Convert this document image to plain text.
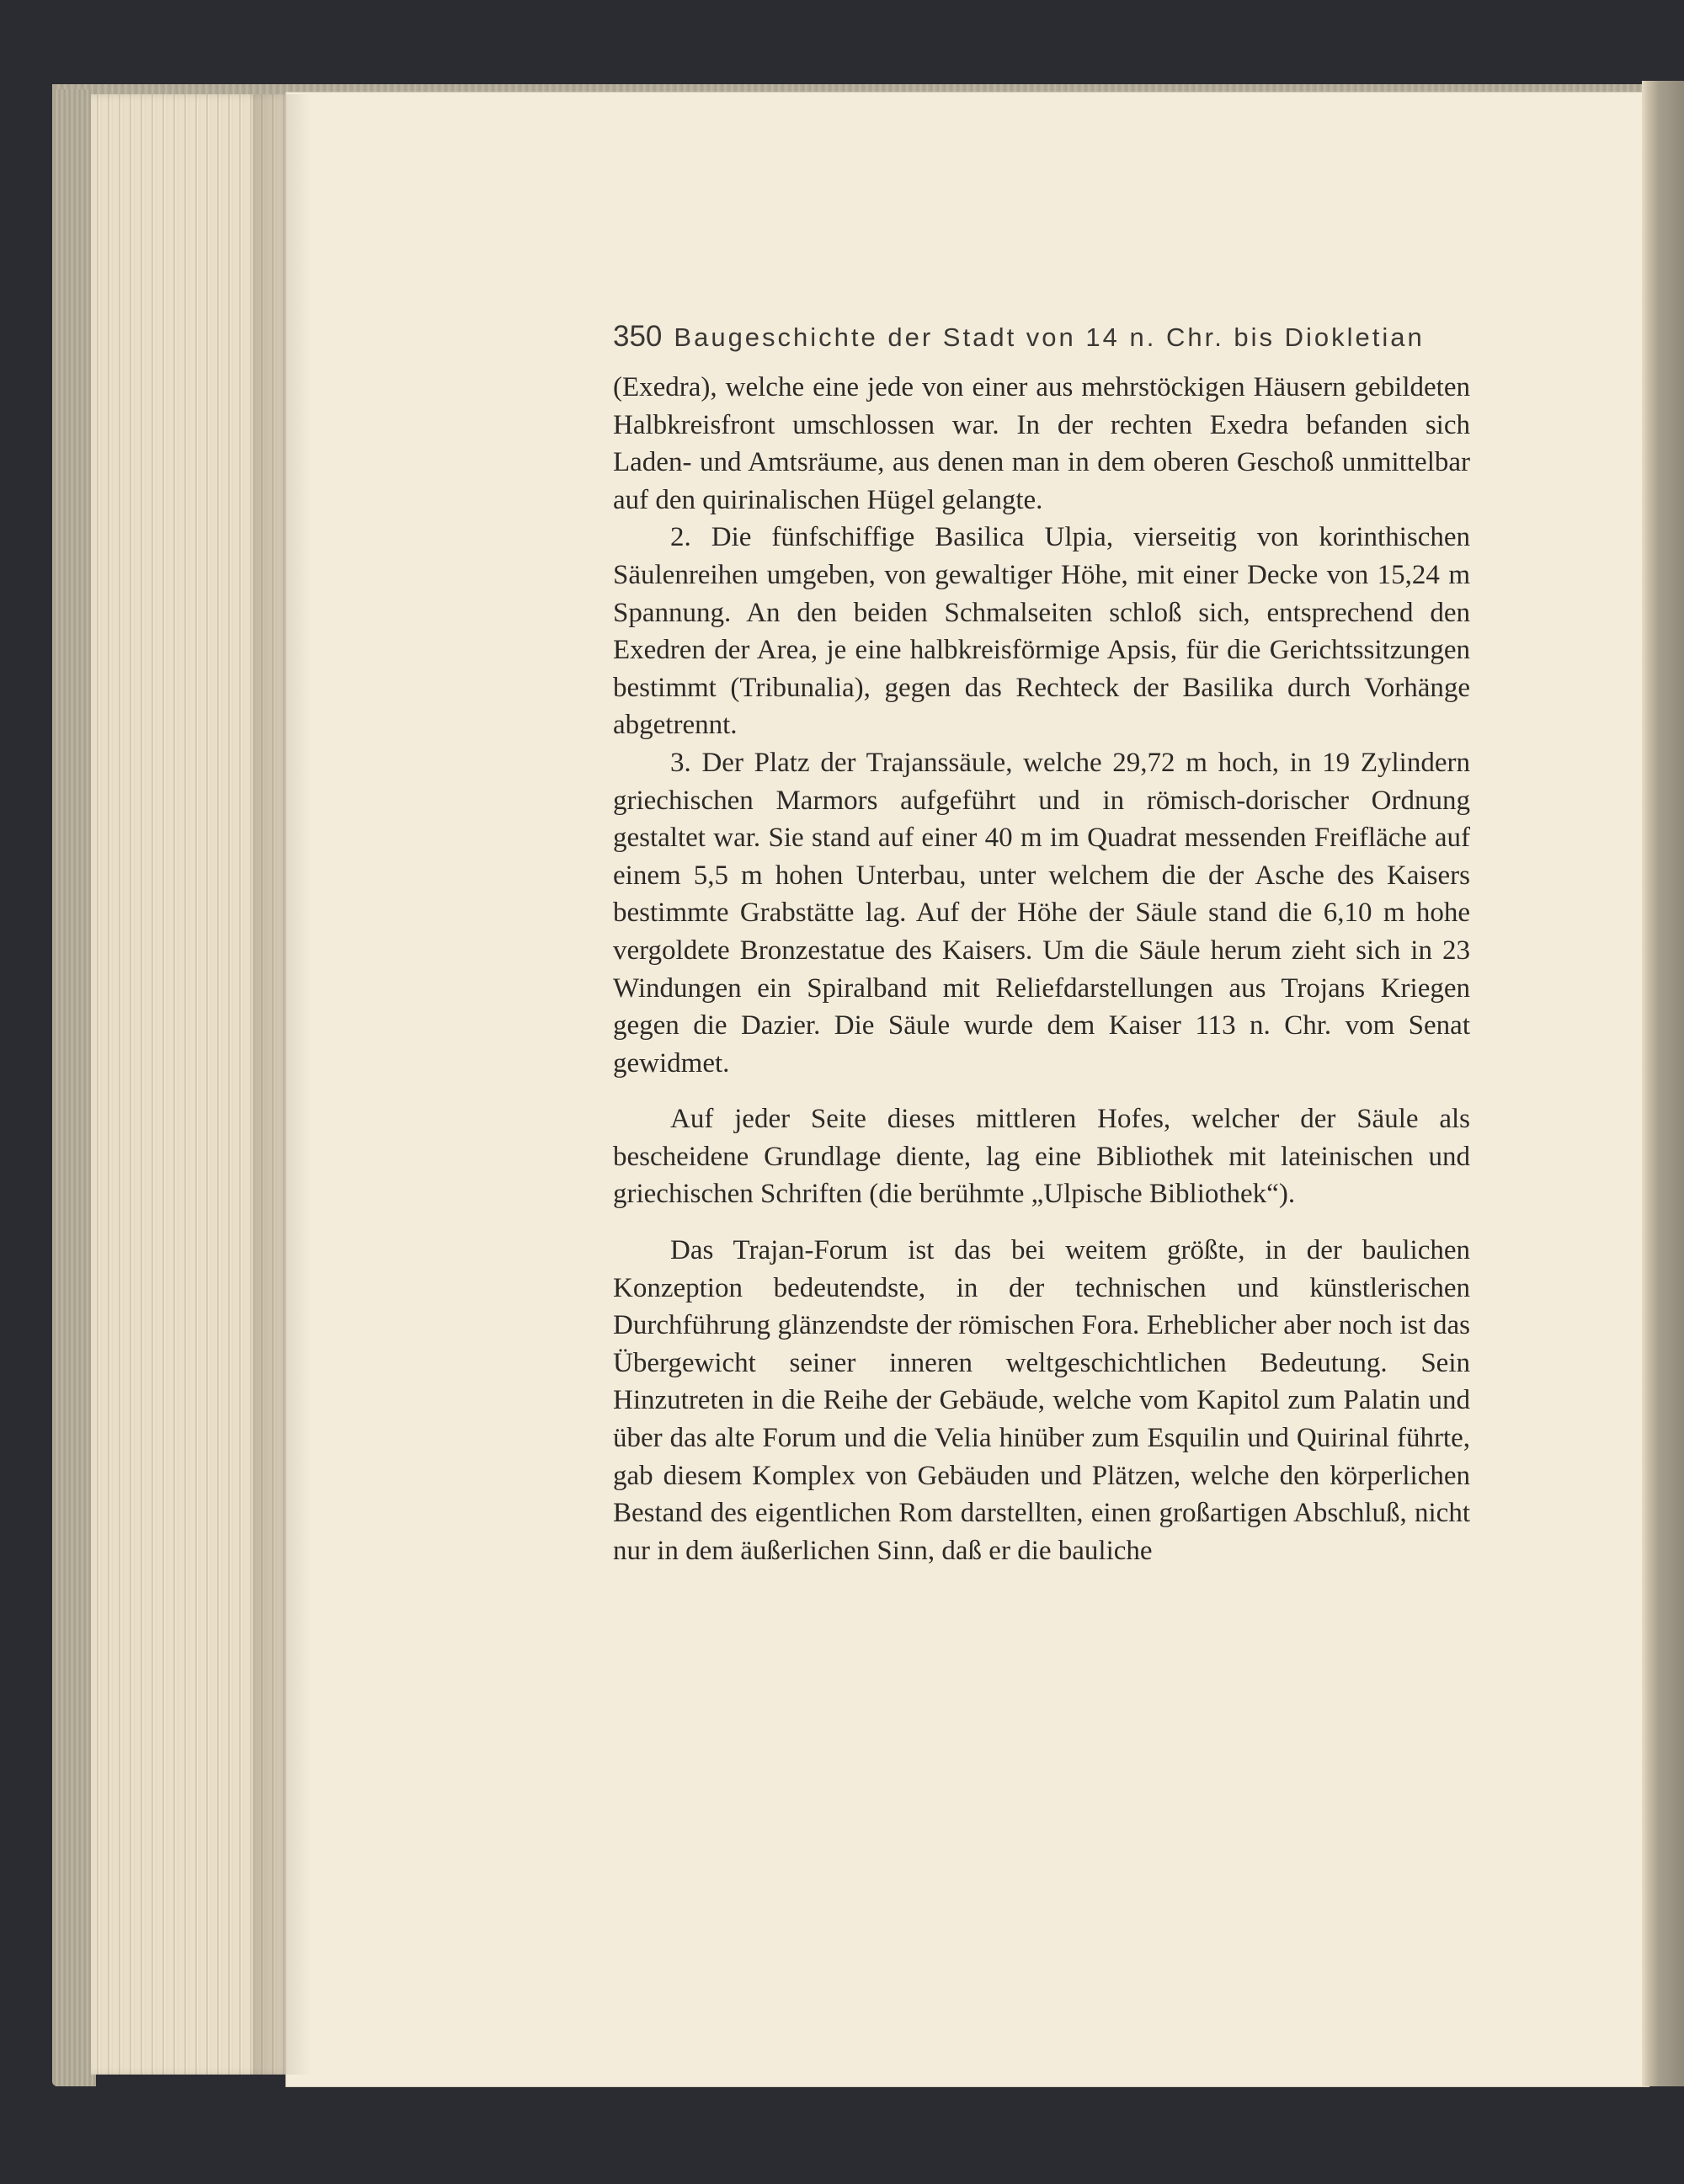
350 Baugeschichte der Stadt von 14 n. Chr. bis Diokletian

(Exedra), welche eine jede von einer aus mehrstöckigen Häusern gebildeten Halbkreisfront umschlossen war. In der rechten Exedra befanden sich Laden- und Amtsräume, aus denen man in dem oberen Geschoß unmittelbar auf den quirinalischen Hügel gelangte.

2. Die fünfschiffige Basilica Ulpia, vierseitig von korinthischen Säulenreihen umgeben, von gewaltiger Höhe, mit einer Decke von 15,24 m Spannung. An den beiden Schmalseiten schloß sich, entsprechend den Exedren der Area, je eine halbkreisförmige Apsis, für die Gerichtssitzungen bestimmt (Tribunalia), gegen das Rechteck der Basilika durch Vorhänge abgetrennt.

3. Der Platz der Trajanssäule, welche 29,72 m hoch, in 19 Zylindern griechischen Marmors aufgeführt und in römisch-dorischer Ordnung gestaltet war. Sie stand auf einer 40 m im Quadrat messenden Freifläche auf einem 5,5 m hohen Unterbau, unter welchem die der Asche des Kaisers bestimmte Grabstätte lag. Auf der Höhe der Säule stand die 6,10 m hohe vergoldete Bronzestatue des Kaisers. Um die Säule herum zieht sich in 23 Windungen ein Spiralband mit Reliefdarstellungen aus Trojans Kriegen gegen die Dazier. Die Säule wurde dem Kaiser 113 n. Chr. vom Senat gewidmet.

Auf jeder Seite dieses mittleren Hofes, welcher der Säule als bescheidene Grundlage diente, lag eine Bibliothek mit lateinischen und griechischen Schriften (die berühmte „Ulpische Bibliothek“).

Das Trajan-Forum ist das bei weitem größte, in der baulichen Konzeption bedeutendste, in der technischen und künstlerischen Durchführung glänzendste der römischen Fora. Erheblicher aber noch ist das Übergewicht seiner inneren weltgeschichtlichen Bedeutung. Sein Hinzutreten in die Reihe der Gebäude, welche vom Kapitol zum Palatin und über das alte Forum und die Velia hinüber zum Esquilin und Quirinal führte, gab diesem Komplex von Gebäuden und Plätzen, welche den körperlichen Bestand des eigentlichen Rom darstellten, einen großartigen Abschluß, nicht nur in dem äußerlichen Sinn, daß er die bauliche
